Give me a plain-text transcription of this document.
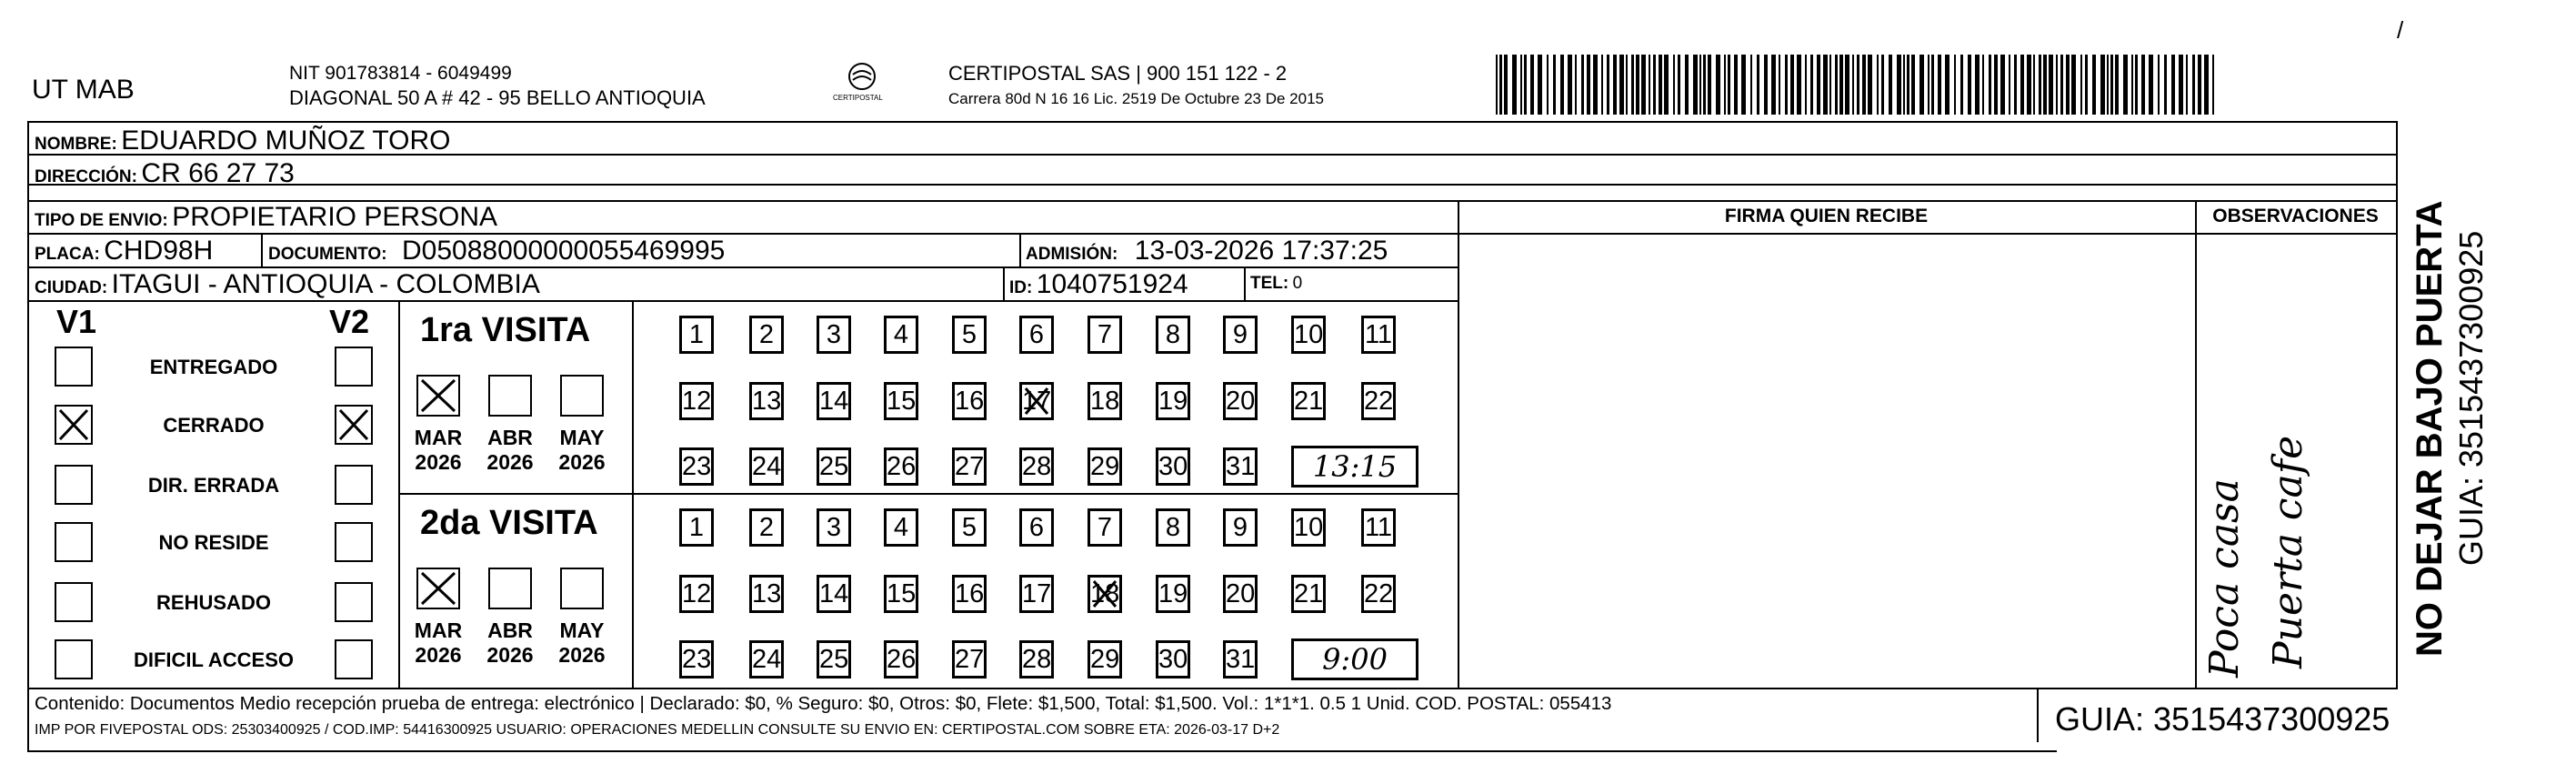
UT MAB
NIT 901783814 - 6049499
DIAGONAL 50 A # 42 - 95 BELLO ANTIOQUIA	CERTIPOSTAL
CERTIPOSTAL SAS | 900 151 122 - 2
Carrera 80d N 16 16 Lic. 2519 De Octubre 23 De 2015
/
NOMBRE: EDUARDO MUÑOZ TORO
DIRECCIÓN: CR 66 27 73
TIPO DE ENVIO: PROPIETARIO PERSONA
PLACA: CHD98H	DOCUMENTO: D05088000000055469995	ADMISIÓN: 13-03-2026 17:37:25
CIUDAD: ITAGUI - ANTIOQUIA - COLOMBIA	ID: 1040751924	TEL: 0
FIRMA QUIEN RECIBE	OBSERVACIONES
Poca casa Puerta cafe	NO DEJAR BAJO PUERTA GUIA: 3515437300925
V1	V2
ENTREGADO
CERRADO
DIR. ERRADA
NO RESIDE
REHUSADO
DIFICIL ACCESO
1ra VISITA
MAR
2026
ABR
2026
MAY
2026
1	2	3	4	5	6	7	8	9	10 11
12 13 14 15 16 17 18 19 20 21 22
23 24 25 26 27 28 29 30 31	13:15
2da VISITA
MAR
2026
ABR
2026
MAY
2026
1	2	3	4	5	6	7	8	9	10 11
12 13 14 15 16 17 18 19 20 21 22
23 24 25 26 27 28 29 30 31	9:00
Contenido: Documentos Medio recepción prueba de entrega: electrónico | Declarado: $0, % Seguro: $0, Otros: $0, Flete: $1,500, Total: $1,500. Vol.: 1*1*1. 0.5 1 Unid. COD. POSTAL: 055413
IMP POR FIVEPOSTAL ODS: 25303400925 / COD.IMP: 54416300925 USUARIO: OPERACIONES MEDELLIN CONSULTE SU ENVIO EN: CERTIPOSTAL.COM SOBRE ETA: 2026-03-17 D+2	GUIA: 3515437300925
